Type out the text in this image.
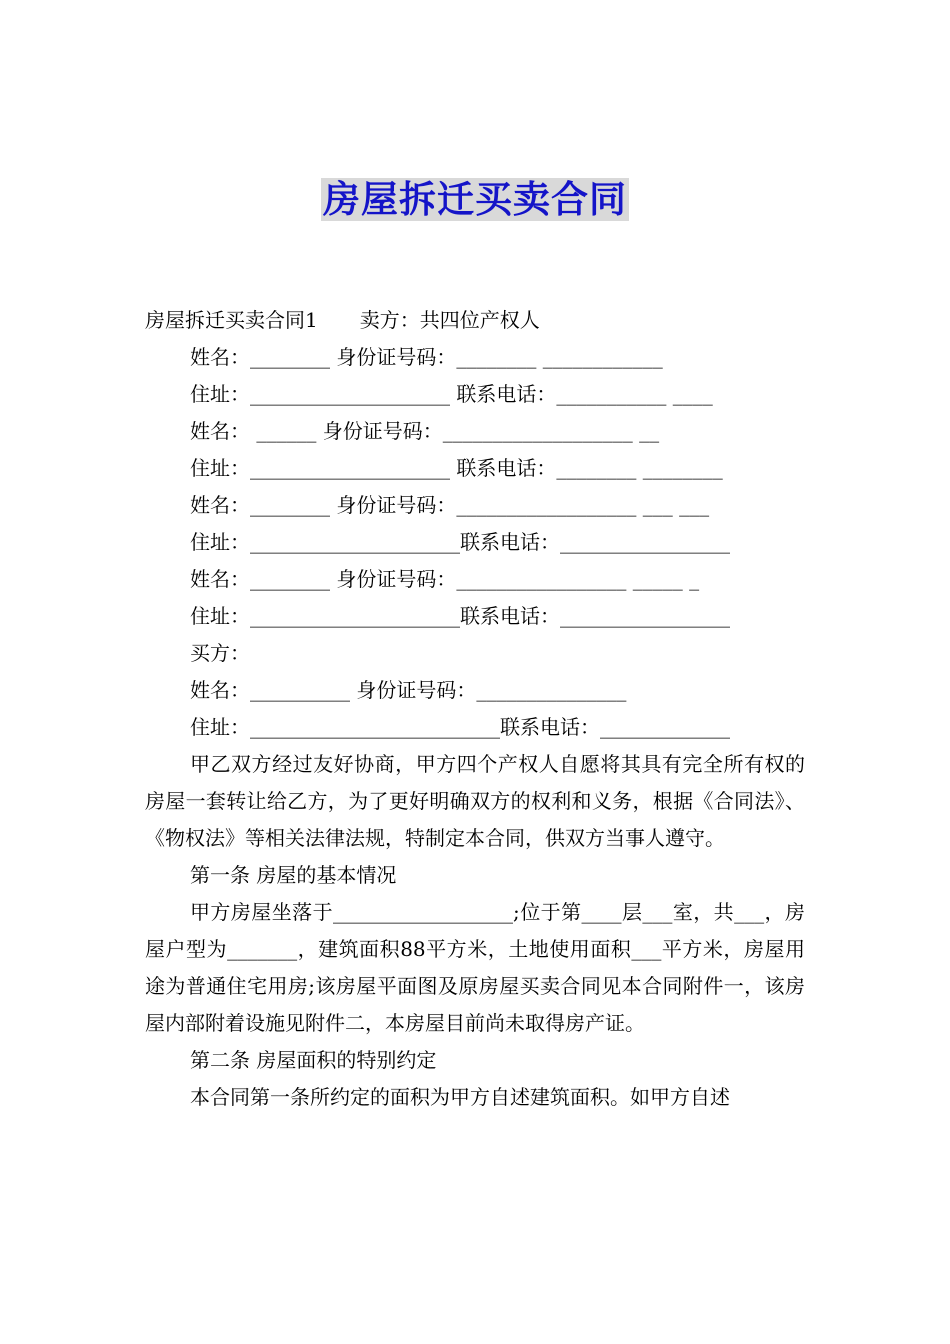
房屋拆迁买卖合同
房屋拆迁买卖合同1 卖方：共四位产权人
姓名：________ 身份证号码：________ ____________
住址：____________________ 联系电话：___________ ____
姓名： ______ 身份证号码：___________________ __
住址：____________________ 联系电话：________ ________
姓名：________ 身份证号码：__________________ ___ ___
住址：_____________________联系电话：_________________
姓名：________ 身份证号码：_________________ _____ _
住址：_____________________联系电话：_________________
买方：
姓名：__________ 身份证号码：_______________
住址：_________________________联系电话：_____________
甲乙双方经过友好协商，甲方四个产权人自愿将其具有完全所有权的房屋一套转让给乙方，为了更好明确双方的权利和义务，根据《合同法》、《物权法》等相关法律法规，特制定本合同，供双方当事人遵守。
第一条 房屋的基本情况
甲方房屋坐落于__________________;位于第____层___室，共___，房屋户型为_______，建筑面积88平方米，土地使用面积___平方米，房屋用途为普通住宅用房;该房屋平面图及原房屋买卖合同见本合同附件一，该房屋内部附着设施见附件二，本房屋目前尚未取得房产证。
第二条 房屋面积的特别约定
本合同第一条所约定的面积为甲方自述建筑面积。如甲方自述
